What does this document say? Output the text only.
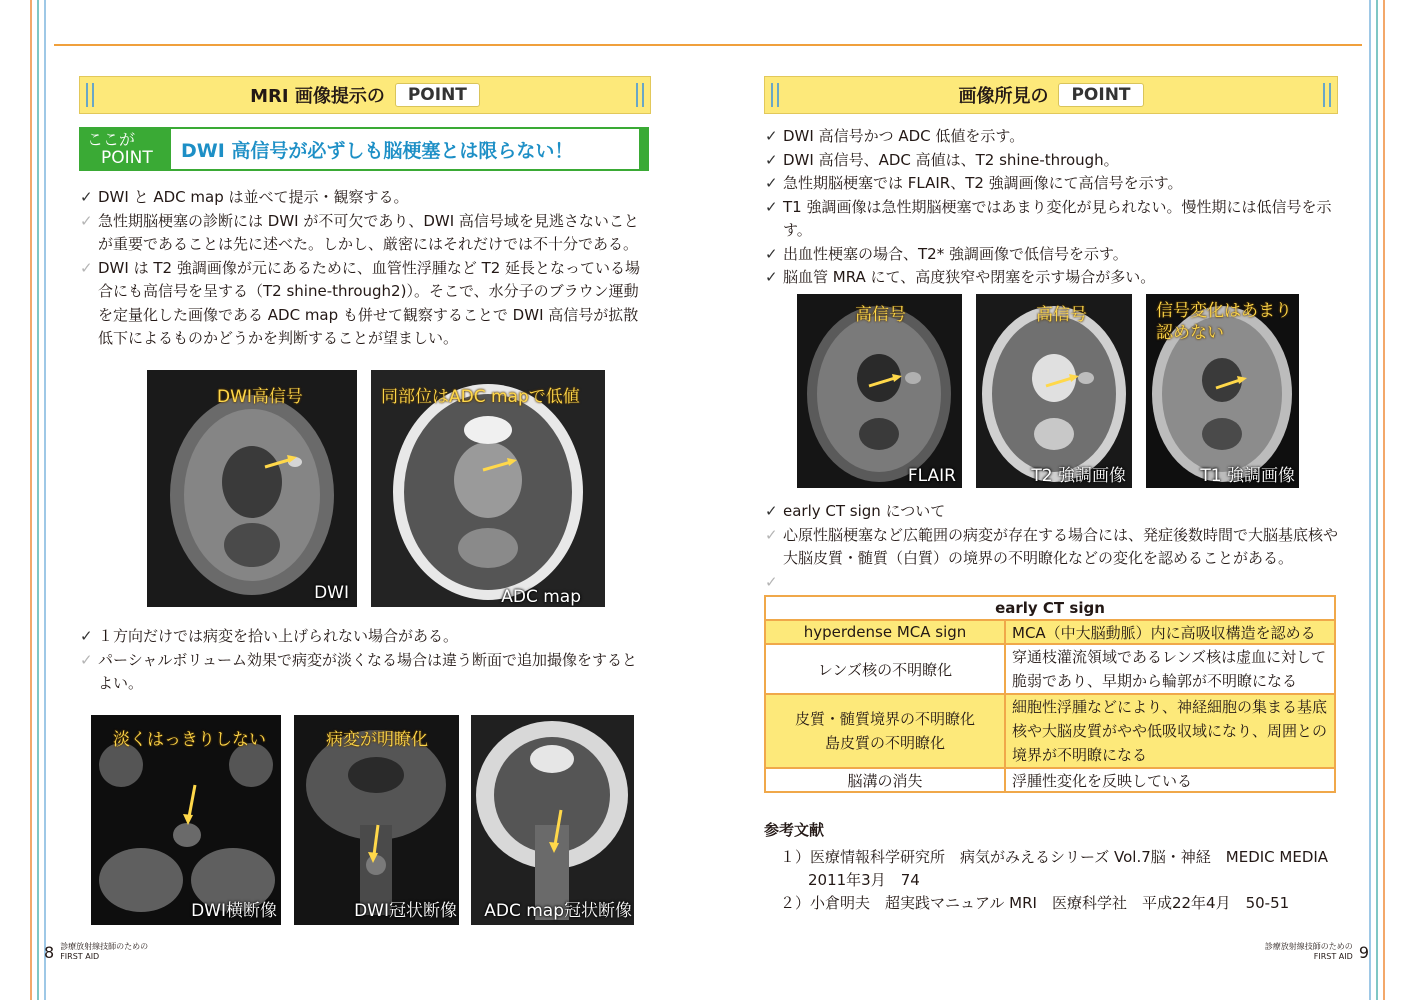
MRI 画像提示の	POINT
ここが
POINT	DWI 高信号が必ずしも脳梗塞とは限らない！
✓ DWI と ADC map は並べて提示・観察する。
✓ 急性期脳梗塞の診断には DWI が不可欠であり、DWI 高信号域を見逃さないことが重要であることは先に述べた。しかし、厳密にはそれだけでは不十分である。
✓ DWI は T2 強調画像が元にあるために、血管性浮腫など T2 延長となっている場合にも高信号を呈する（T2 shine-through2)）。そこで、水分子のブラウン運動を定量化した画像である ADC map も併せて観察することで DWI 高信号が拡散低下によるものかどうかを判断することが望ましい。
DWI高信号
DWI
同部位はADC mapで低値
ADC map
✓ １方向だけでは病変を拾い上げられない場合がある。
✓ パーシャルボリューム効果で病変が淡くなる場合は違う断面で追加撮像をするとよい。
淡くはっきりしない
DWI横断像
病変が明瞭化
DWI冠状断像 ADC map冠状断像
8 診療放射線技師のための
FIRST AID
画像所見の	POINT
✓ DWI 高信号かつ ADC 低値を示す。
✓ DWI 高信号、ADC 高値は、T2 shine-through。
✓ 急性期脳梗塞では FLAIR、T2 強調画像にて高信号を示す。
✓ T1 強調画像は急性期脳梗塞ではあまり変化が見られない。慢性期には低信号を示す。
✓ 出血性梗塞の場合、T2* 強調画像で低信号を示す。
✓ 脳血管 MRA にて、高度狭窄や閉塞を示す場合が多い。
高信号
FLAIR
高信号
T2 強調画像
信号変化はあまり
認めない
T1 強調画像
✓ early CT sign について
✓ 心原性脳梗塞など広範囲の病変が存在する場合には、発症後数時間で大脳基底核や大脳皮質・髄質（白質）の境界の不明瞭化などの変化を認めることがある。
✓
early CT sign	
hyperdense MCA sign	MCA（中大脳動脈）内に高吸収構造を認める
レンズ核の不明瞭化	穿通枝灌流領域であるレンズ核は虚血に対して脆弱であり、早期から輪郭が不明瞭になる
皮質・髄質境界の不明瞭化
島皮質の不明瞭化	細胞性浮腫などにより、神経細胞の集まる基底核や大脳皮質がやや低吸収域になり、周囲との境界が不明瞭になる
脳溝の消失	浮腫性変化を反映している
参考文献
１）医療情報科学研究所　病気がみえるシリーズ Vol.7脳・神経　MEDIC MEDIA
2011年3月　74
２）小倉明夫　超実践マニュアル MRI　医療科学社　平成22年4月　50-51
診療放射線技師のための
FIRST AID 9
